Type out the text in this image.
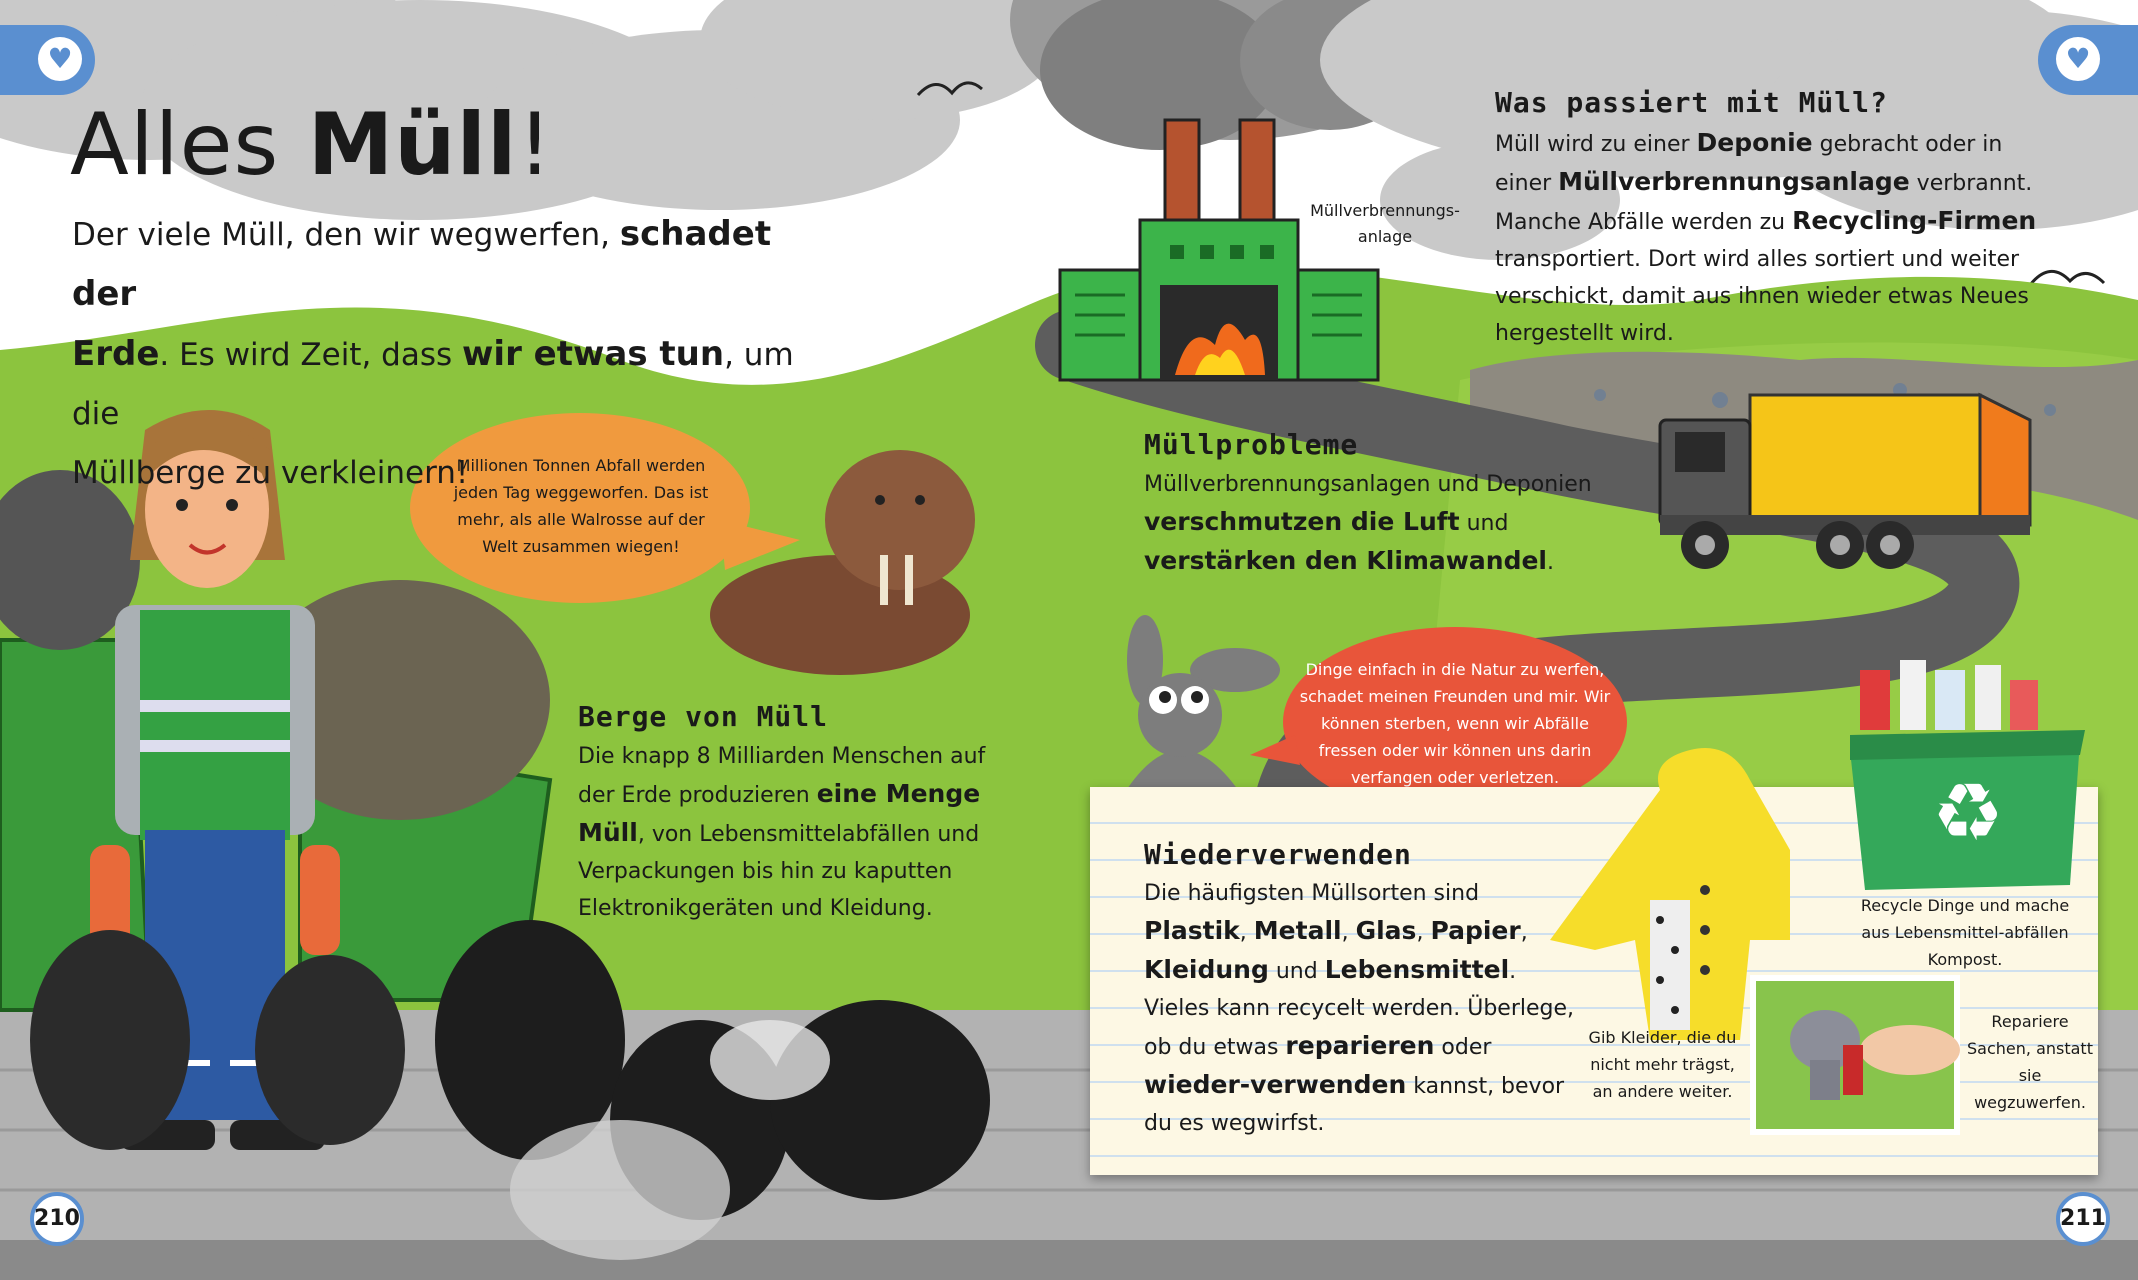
♥	♥
Alles Müll!
Der viele Müll, den wir wegwerfen, schadet der
Erde. Es wird Zeit, dass wir etwas tun, um die
Müllberge zu verkleinern!
Millionen Tonnen Abfall werden jeden Tag weggeworfen. Das ist mehr, als alle Walrosse auf der Welt zusammen wiegen!
Berge von Müll
Die knapp 8 Milliarden Menschen auf der Erde produzieren eine Menge Müll, von Lebensmittelabfällen und Verpackungen bis hin zu kaputten Elektronikgeräten und Kleidung.
Müllverbrennungs-
anlage
Was passiert mit Müll?
Müll wird zu einer Deponie gebracht oder in einer Müllverbrennungsanlage verbrannt. Manche Abfälle werden zu Recycling-Firmen transportiert. Dort wird alles sortiert und weiter verschickt, damit aus ihnen wieder etwas Neues hergestellt wird.
Müllprobleme
Müllverbrennungsanlagen und Deponien verschmutzen die Luft und verstärken den Klimawandel.
Dinge einfach in die Natur zu werfen, schadet meinen Freunden und mir. Wir können sterben, wenn wir Abfälle fressen oder wir können uns darin verfangen oder verletzen.	♻
Wiederverwenden
Die häufigsten Müllsorten sind Plastik, Metall, Glas, Papier, Kleidung und Lebensmittel. Vieles kann recycelt werden. Überlege, ob du etwas reparieren oder wieder-verwenden kannst, bevor du es wegwirfst.
Recycle Dinge und mache aus Lebensmittel-abfällen Kompost.
Gib Kleider, die du nicht mehr trägst, an andere weiter.
Repariere Sachen, anstatt sie wegzuwerfen.
210	211
